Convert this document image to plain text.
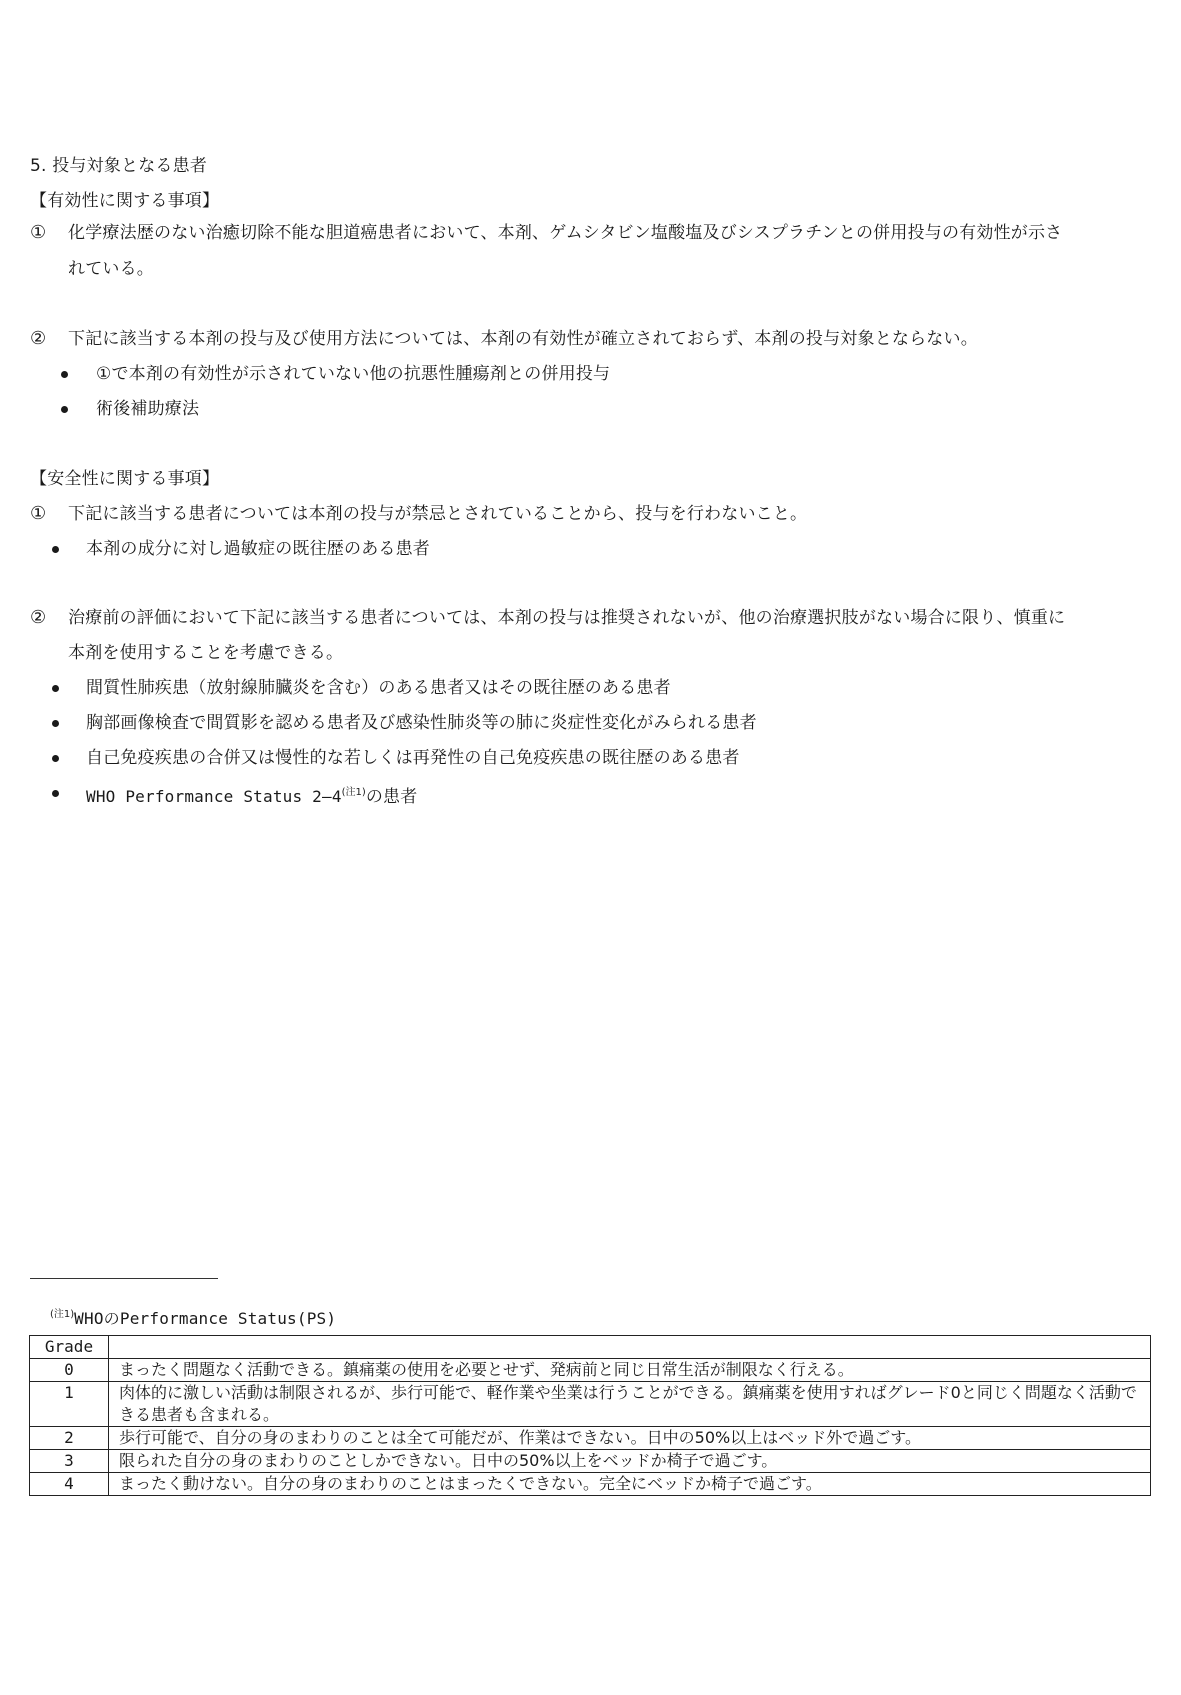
5. 投与対象となる患者
【有効性に関する事項】
① 化学療法歴のない治癒切除不能な胆道癌患者において、本剤、ゲムシタビン塩酸塩及びシスプラチンとの併用投与の有効性が示さ
れている。
② 下記に該当する本剤の投与及び使用方法については、本剤の有効性が確立されておらず、本剤の投与対象とならない。
①で本剤の有効性が示されていない他の抗悪性腫瘍剤との併用投与
術後補助療法
【安全性に関する事項】
① 下記に該当する患者については本剤の投与が禁忌とされていることから、投与を行わないこと。
本剤の成分に対し過敏症の既往歴のある患者
② 治療前の評価において下記に該当する患者については、本剤の投与は推奨されないが、他の治療選択肢がない場合に限り、慎重に
本剤を使用することを考慮できる。
間質性肺疾患（放射線肺臓炎を含む）のある患者又はその既往歴のある患者
胸部画像検査で間質影を認める患者及び感染性肺炎等の肺に炎症性変化がみられる患者
自己免疫疾患の合併又は慢性的な若しくは再発性の自己免疫疾患の既往歴のある患者
WHO Performance Status 2—4$^{(注1)}$の患者
$^{(注1)}$WHOのPerformance Status(PS)
Grade	
0	まったく問題なく活動できる。鎮痛薬の使用を必要とせず、発病前と同じ日常生活が制限なく行える。
1	肉体的に激しい活動は制限されるが、歩行可能で、軽作業や坐業は行うことができる。鎮痛薬を使用すればグレード0と同じく問題なく活動できる患者も含まれる。
2	歩行可能で、自分の身のまわりのことは全て可能だが、作業はできない。日中の50%以上はベッド外で過ごす。
3	限られた自分の身のまわりのことしかできない。日中の50%以上をベッドか椅子で過ごす。
4	まったく動けない。自分の身のまわりのことはまったくできない。完全にベッドか椅子で過ごす。
